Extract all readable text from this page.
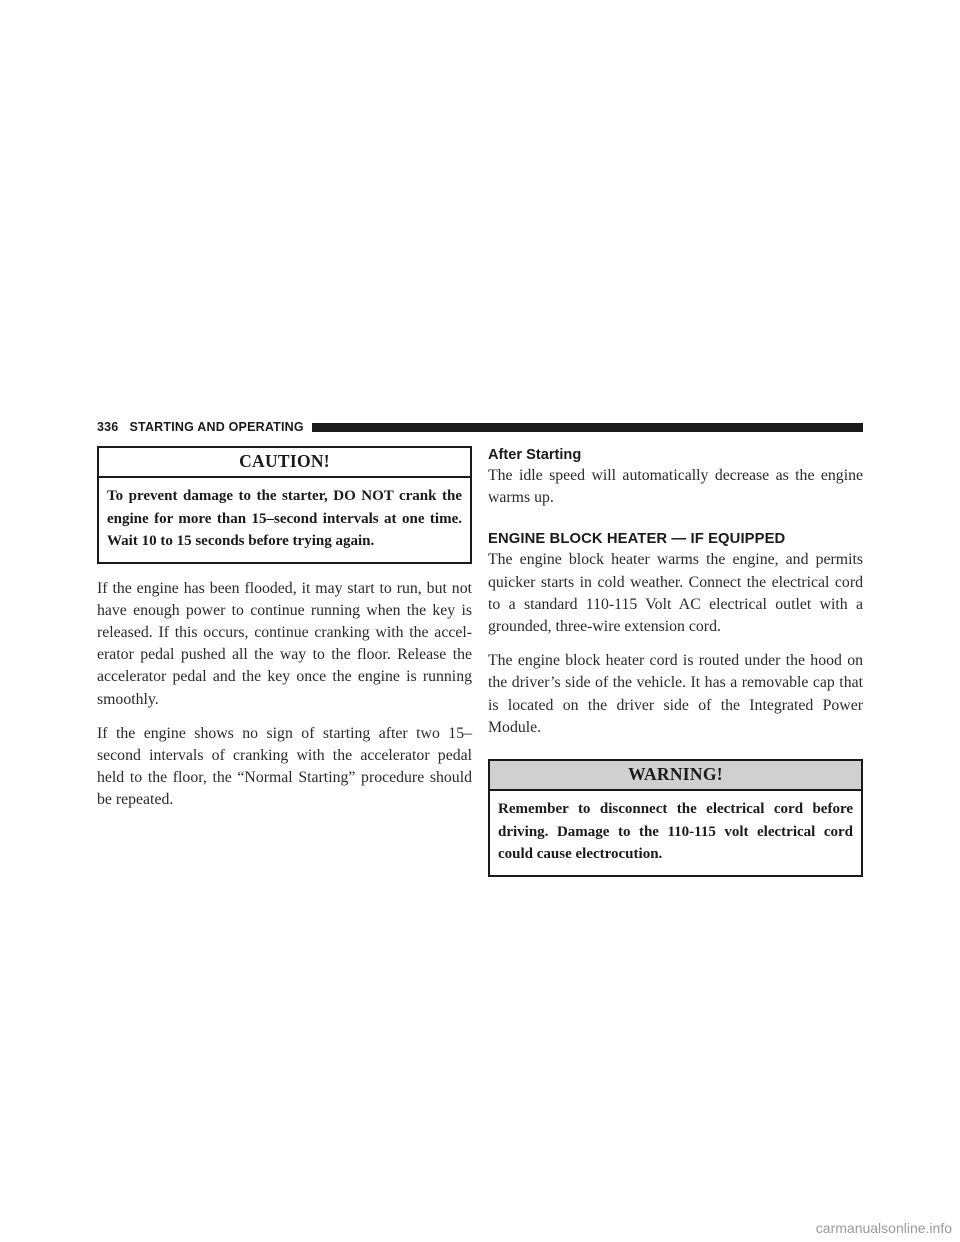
336 STARTING AND OPERATING
CAUTION!
To prevent damage to the starter, DO NOT crank the engine for more than 15–second intervals at one time. Wait 10 to 15 seconds before trying again.

If the engine has been flooded, it may start to run, but not have enough power to continue running when the key is released. If this occurs, continue cranking with the accel- erator pedal pushed all the way to the floor. Release the accelerator pedal and the key once the engine is running smoothly.

If the engine shows no sign of starting after two 15– second intervals of cranking with the accelerator pedal held to the floor, the “Normal Starting” procedure should be repeated.

After Starting

The idle speed will automatically decrease as the engine warms up.

ENGINE BLOCK HEATER — IF EQUIPPED

The engine block heater warms the engine, and permits quicker starts in cold weather. Connect the electrical cord to a standard 110-115 Volt AC electrical outlet with a grounded, three-wire extension cord.

The engine block heater cord is routed under the hood on the driver’s side of the vehicle. It has a removable cap that is located on the driver side of the Integrated Power Module.

WARNING!
Remember to disconnect the electrical cord before driving. Damage to the 110-115 volt electrical cord could cause electrocution.
carmanualsonline.info
